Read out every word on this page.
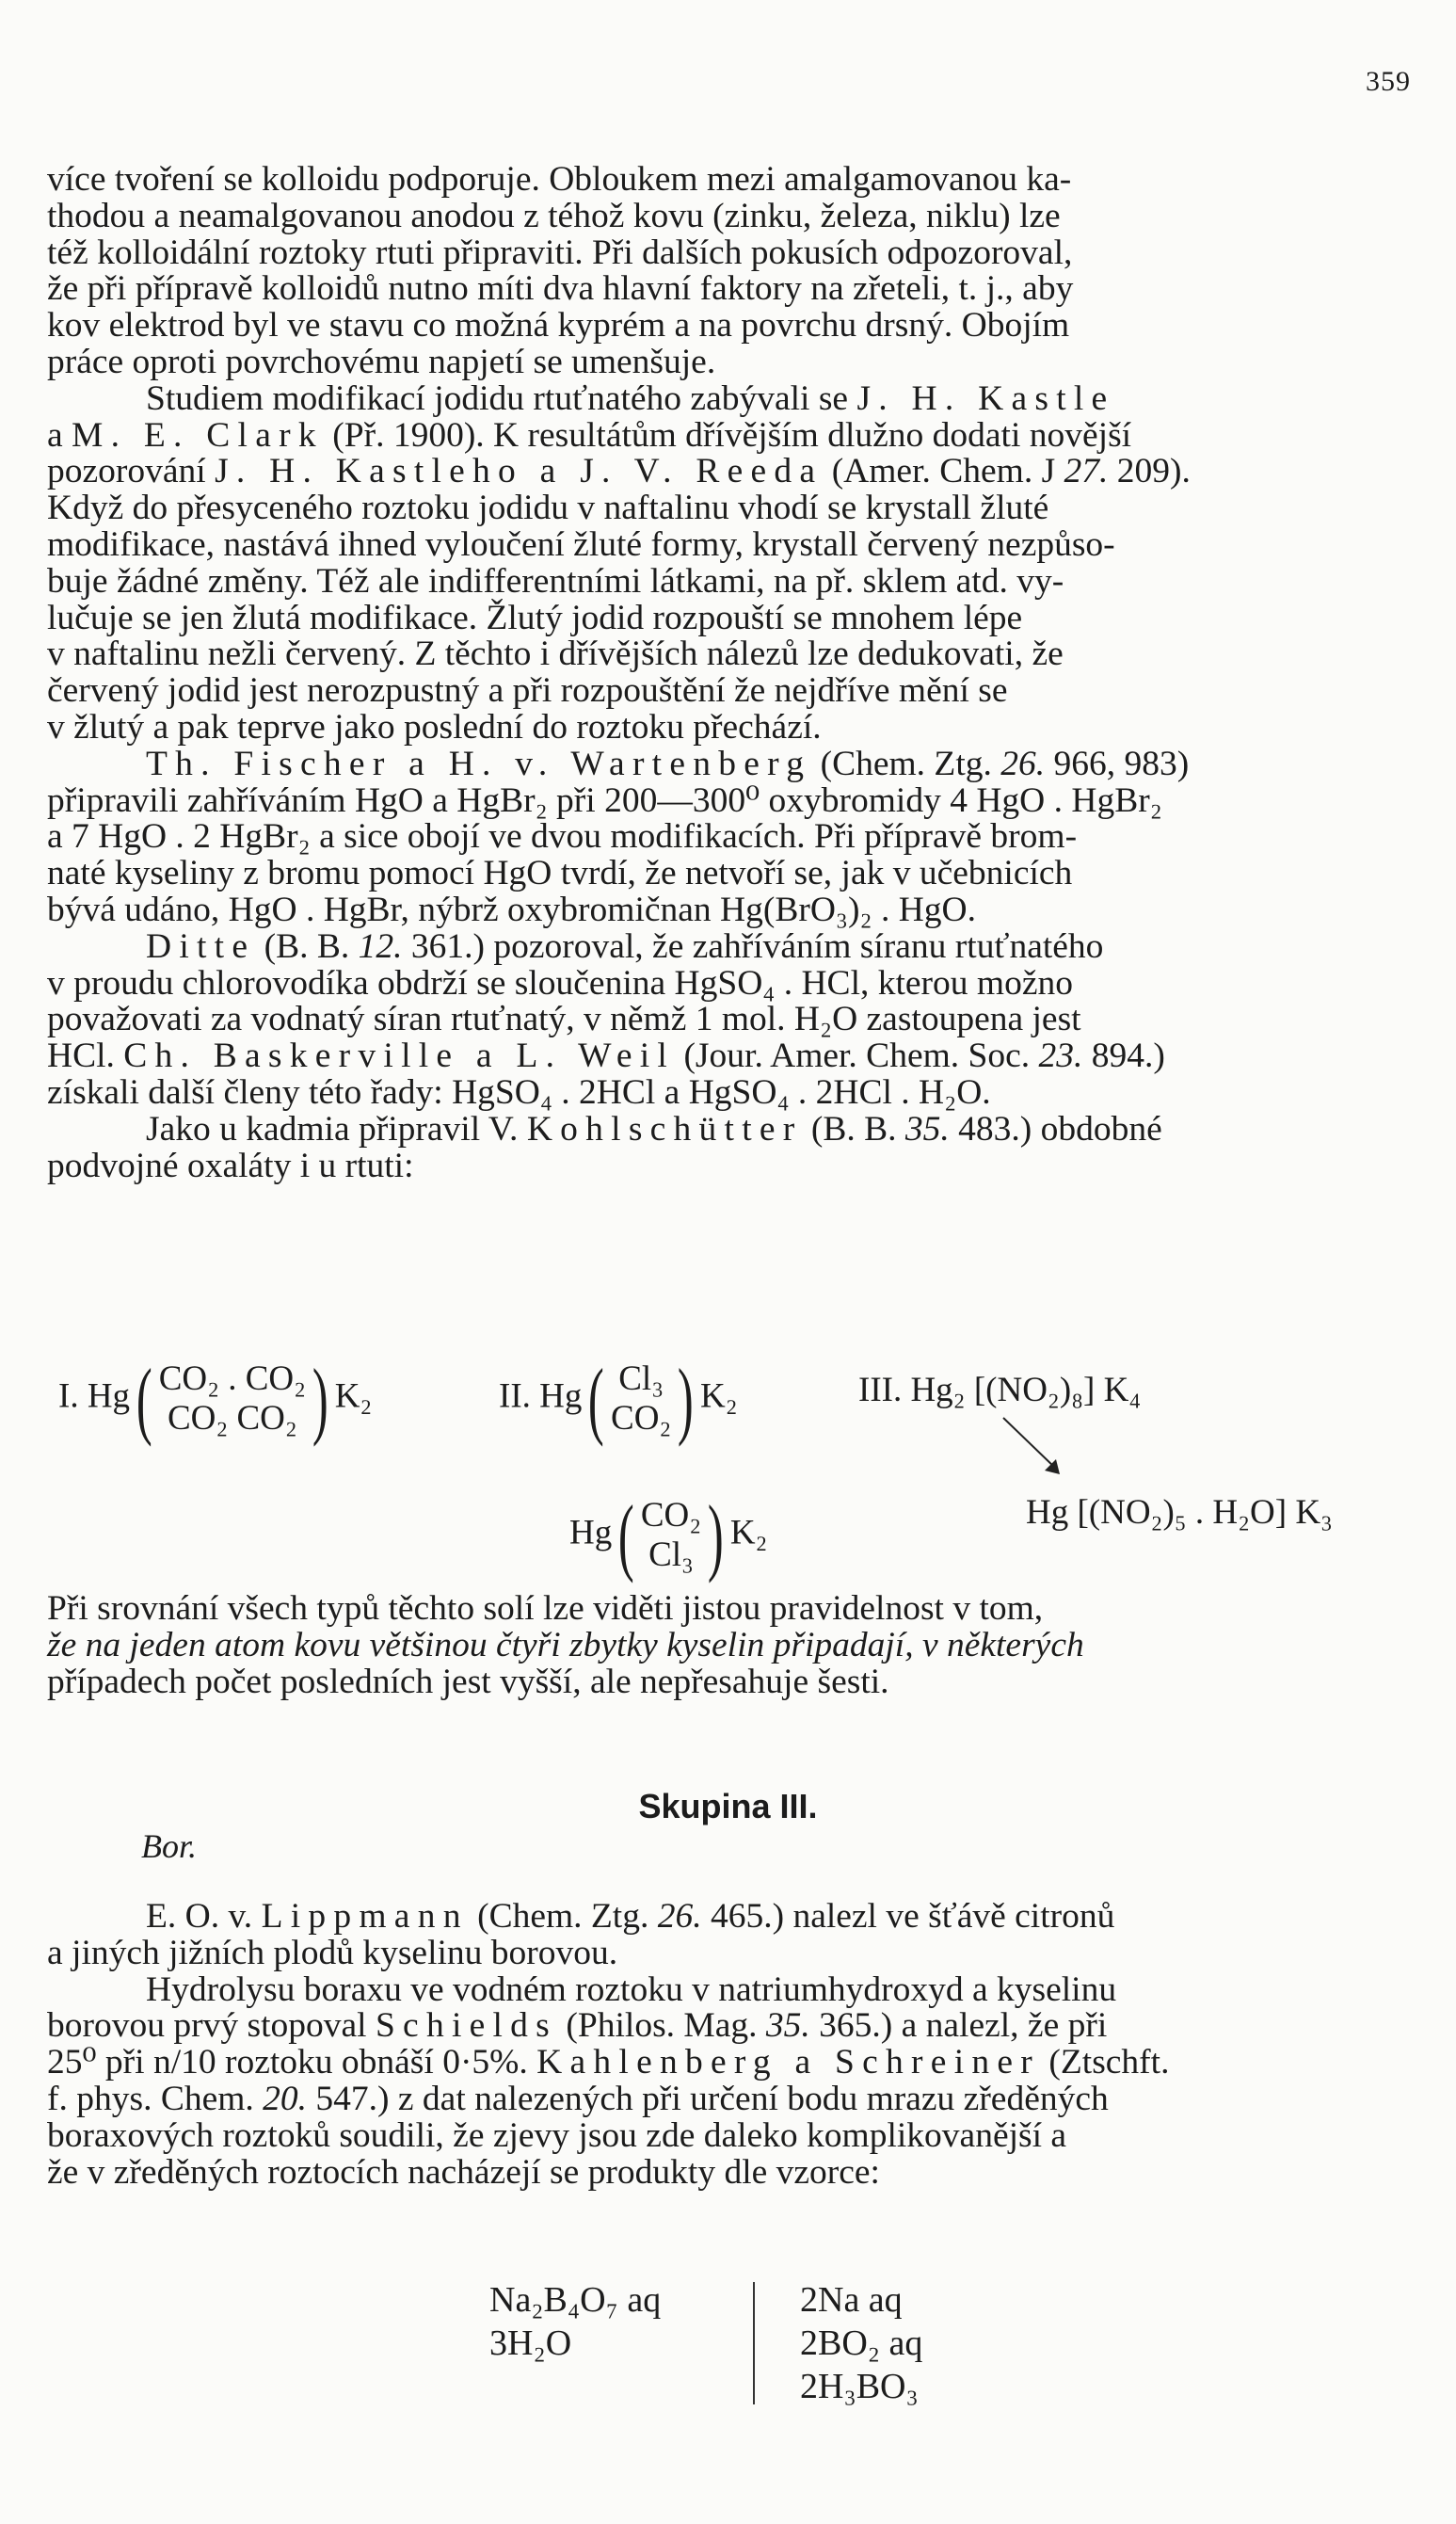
359
více tvoření se kolloidu podporuje. Obloukem mezi amalgamovanou ka-
thodou a neamalgovanou anodou z téhož kovu (zinku, železa, niklu) lze
též kolloidální roztoky rtuti připraviti. Při dalších pokusích odpozoroval,
že při přípravě kolloidů nutno míti dva hlavní faktory na zřeteli, t. j., aby
kov elektrod byl ve stavu co možná kyprém a na povrchu drsný. Obojím
práce oproti povrchovému napjetí se umenšuje.
Studiem modifikací jodidu rtuťnatého zabývali se J. H. Kastle
a M. E. Clark (Př. 1900). K resultátům dřívějším dlužno dodati novější
pozorování J. H. Kastleho a J. V. Reeda (Amer. Chem. J 27. 209).
Když do přesyceného roztoku jodidu v naftalinu vhodí se krystall žluté
modifikace, nastává ihned vyloučení žluté formy, krystall červený nezpůso-
buje žádné změny. Též ale indifferentními látkami, na př. sklem atd. vy-
lučuje se jen žlutá modifikace. Žlutý jodid rozpouští se mnohem lépe
v naftalinu nežli červený. Z těchto i dřívějších nálezů lze dedukovati, že
červený jodid jest nerozpustný a při rozpouštění že nejdříve mění se
v žlutý a pak teprve jako poslední do roztoku přechází.
Th. Fischer a H. v. Wartenberg (Chem. Ztg. 26. 966, 983)
připravili zahříváním HgO a HgBr₂ při 200—300⁰ oxybromidy 4 HgO . HgBr₂
a 7 HgO . 2 HgBr₂ a sice obojí ve dvou modifikacích. Při přípravě brom-
naté kyseliny z bromu pomocí HgO tvrdí, že netvoří se, jak v učebnicích
bývá udáno, HgO . HgBr, nýbrž oxybromičnan Hg(BrO₃)₂ . HgO.
Ditte (B. B. 12. 361.) pozoroval, že zahříváním síranu rtuťnatého
v proudu chlorovodíka obdrží se sloučenina HgSO₄ . HCl, kterou možno
považovati za vodnatý síran rtuťnatý, v němž 1 mol. H₂O zastoupena jest
HCl. Ch. Baskerville a L. Weil (Jour. Amer. Chem. Soc. 23. 894.)
získali další členy této řady: HgSO₄ . 2HCl a HgSO₄ . 2HCl . H₂O.
Jako u kadmia připravil V. Kohlschütter (B. B. 35. 483.) obdobné
podvojné oxaláty i u rtuti:
I. Hg( CO₂ . CO₂
CO₂ CO₂ ) K₂	II. Hg( Cl₃
CO₂) K₂	III. Hg₂ [(NO₂)₈] K₄
Hg( CO₂
Cl₃ ) K₂
Hg [(NO₂)₅ . H₂O] K₃
Při srovnání všech typů těchto solí lze viděti jistou pravidelnost v tom,
že na jeden atom kovu většinou čtyři zbytky kyselin připadají, v některých
případech počet posledních jest vyšší, ale nepřesahuje šesti.
Skupina III.
Bor.
E. O. v. Lippmann (Chem. Ztg. 26. 465.) nalezl ve šťávě citronů
a jiných jižních plodů kyselinu borovou.
Hydrolysu boraxu ve vodném roztoku v natriumhydroxyd a kyselinu
borovou prvý stopoval Schields (Philos. Mag. 35. 365.) a nalezl, že při
25⁰ při n/10 roztoku obnáší 0·5%. Kahlenberg a Schreiner (Ztschft.
f. phys. Chem. 20. 547.) z dat nalezených při určení bodu mrazu zředěných
boraxových roztoků soudili, že zjevy jsou zde daleko komplikovanější a
že v zředěných roztocích nacházejí se produkty dle vzorce:
Na₂B₄O₇ aq
3H₂O
2Na aq
2BO₂ aq
2H₃BO₃
